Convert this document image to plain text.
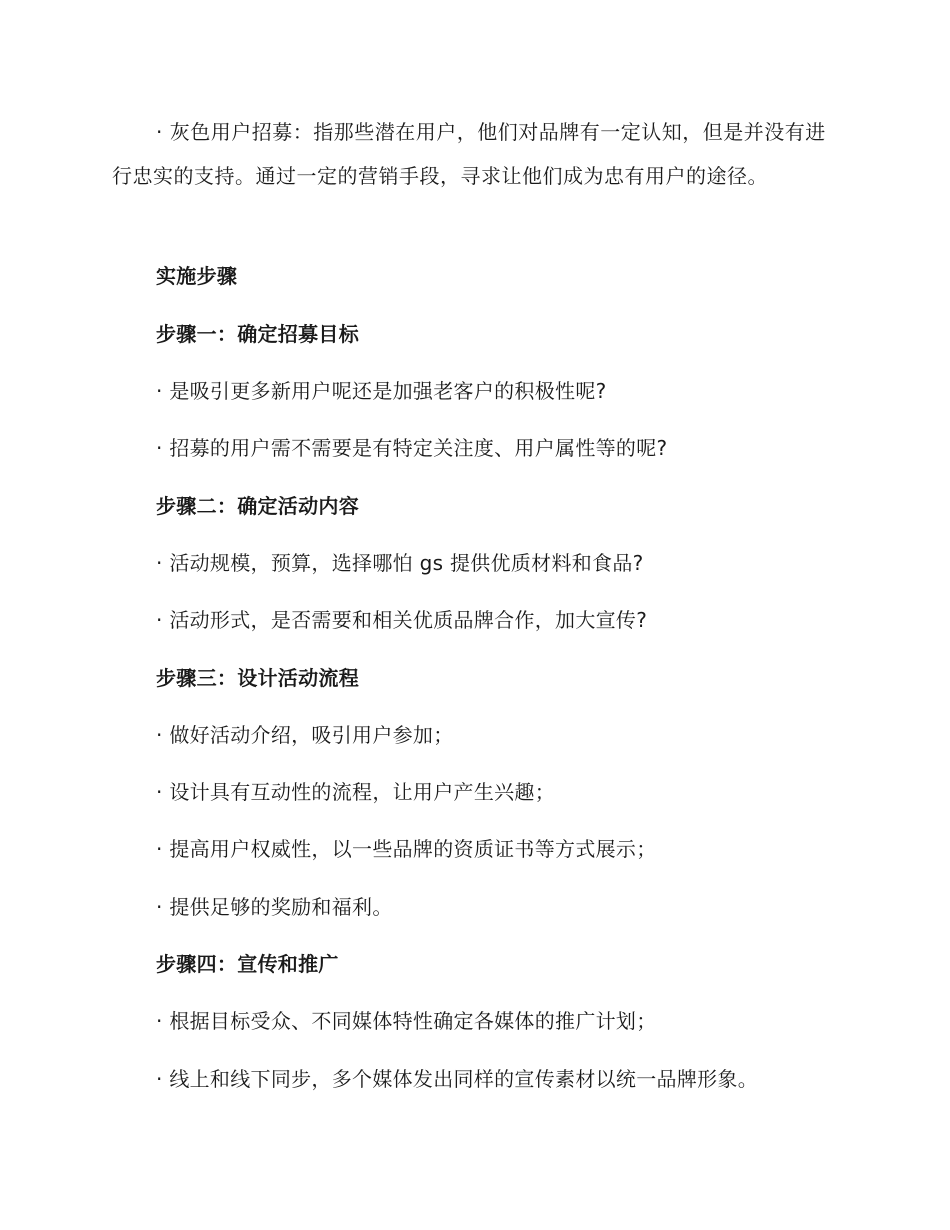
· 灰色用户招募：指那些潜在用户，他们对品牌有一定认知，但是并没有进行忠实的支持。通过一定的营销手段，寻求让他们成为忠有用户的途径。

实施步骤

步骤一：确定招募目标

· 是吸引更多新用户呢还是加强老客户的积极性呢?

· 招募的用户需不需要是有特定关注度、用户属性等的呢?

步骤二：确定活动内容

· 活动规模，预算，选择哪怕 gs 提供优质材料和食品?

· 活动形式，是否需要和相关优质品牌合作，加大宣传?

步骤三：设计活动流程

· 做好活动介绍，吸引用户参加；

· 设计具有互动性的流程，让用户产生兴趣；

· 提高用户权威性，以一些品牌的资质证书等方式展示；

· 提供足够的奖励和福利。

步骤四：宣传和推广

· 根据目标受众、不同媒体特性确定各媒体的推广计划；

· 线上和线下同步，多个媒体发出同样的宣传素材以统一品牌形象。
